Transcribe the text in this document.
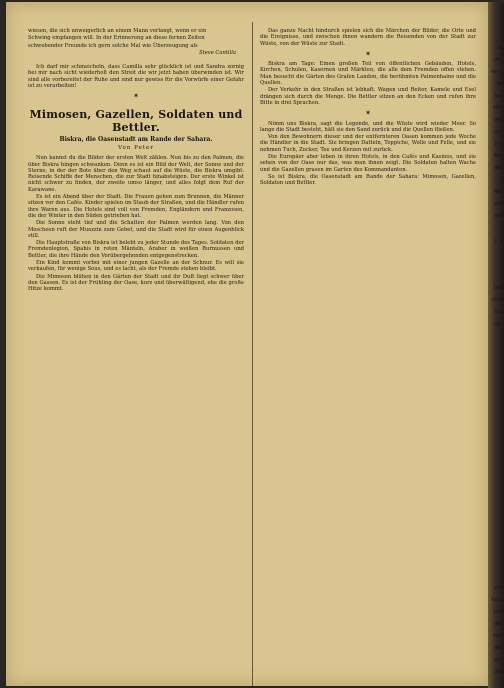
wiesen, die sich unweigerlich an einem Mann verlangt, wenn er ein

Schwing empfangen will. In der Erinnerung an diese fernen Zeiten

schwebender Freunde ich gern solche Mal wie Überzeugung als

Steve Cantilla

Ich darf mir schmeicheln, dass Camilla sehr glücklich ist und Sandra zornig bei mir nach sicht wiederholt den Streit die wir jetzt haben überwinden ist. Wir sind alle vorbereitet der Ruhe und sind nur gewiss für die Vorwürfe einer Gefahr ist zu verarbeiten!

✶
Mimosen, Gazellen, Soldaten und Bettler.
Biskra, die Oasenstadt am Rande der Sahara.
Von Peter

Nun kannst du die Bilder der ersten Welt zählen. Nun bis zu den Palmen, die über Biskra hingen schwanken. Denn es ist ein Bild der Welt, der Sonne und der Sterne, in der der Bote über den Weg schaut auf die Wüste, die Biskra umgibt. Reisende Schiffe der Menschen, die zur Stadt hinabsteigen. Der erste Winkel ist nicht schwer zu finden, der zweite umso länger, und alles folgt dem Ruf der Karawane.

Es ist ein Abend über der Stadt. Die Frauen gehen zum Brunnen, die Männer sitzen vor den Cafés. Kinder spielen im Staub der Straßen, und die Händler rufen ihre Waren aus. Die Hotels sind voll von Fremden, Engländern und Franzosen, die der Winter in den Süden getrieben hat.

Die Sonne steht tief und die Schatten der Palmen werden lang. Von den Moscheen ruft der Muezzin zum Gebet, und die Stadt wird für einen Augenblick still.

Die Hauptstraße von Biskra ist belebt zu jeder Stunde des Tages. Soldaten der Fremdenlegion, Spahis in roten Mänteln, Araber in weißen Burnussen und Bettler, die ihre Hände den Vorübergehenden entgegenstrecken.

Ein Kind kommt vorbei mit einer jungen Gazelle an der Schnur. Es will sie verkaufen, für wenige Sous, und es lacht, als der Fremde stehen bleibt.

Die Mimosen blühen in den Gärten der Stadt und ihr Duft liegt schwer über den Gassen. Es ist der Frühling der Oase, kurz und überwältigend, ehe die große Hitze kommt.

Das ganze Nacht hindurch spielen sich die Märchen der Bilder, die Orte und die Ereignisse, und zwischen ihnen wandern die Reisenden von der Stadt zur Wüste, von der Wüste zur Stadt.

✶

Biskra am Tage: Einen großen Teil von öffentlichen Gebäuden, Hotels, Kirchen, Schulen, Kasernen und Märkten, die alle dem Fremden offen stehen. Man besucht die Gärten des Grafen Landon, die berühmten Palmenhaine und die Quellen.

Der Verkehr in den Straßen ist lebhaft. Wagen und Reiter, Kamele und Esel drängen sich durch die Menge. Die Bettler sitzen an den Ecken und rufen ihre Bitte in drei Sprachen.

✶

Nimm uns Biskra, sagt die Legende, und die Wüste wird wieder Meer. So lange die Stadt besteht, hält sie den Sand zurück und die Quellen fließen.

Von den Bewohnern dieser und der entfernteren Oasen kommen jede Woche die Händler in die Stadt. Sie bringen Datteln, Teppiche, Wolle und Felle, und sie nehmen Tuch, Zucker, Tee und Kerzen mit zurück.

Die Europäer aber leben in ihren Hotels, in den Cafés und Kasinos, und sie sehen von der Oase nur das, was man ihnen zeigt. Die Soldaten halten Wache und die Gazellen grasen im Garten des Kommandanten.

So ist Biskra, die Oasenstadt am Rande der Sahara: Mimosen, Gazellen, Soldaten und Bettler.

ne
uh-
ver,
de
Ge-
Hu-
vor
un-
In-
Na-
der
—
Ne-
von
den
S B
Der
sind
Sie
ng'
sti
lein
ben
da-
hät
der
wo-
Jun
